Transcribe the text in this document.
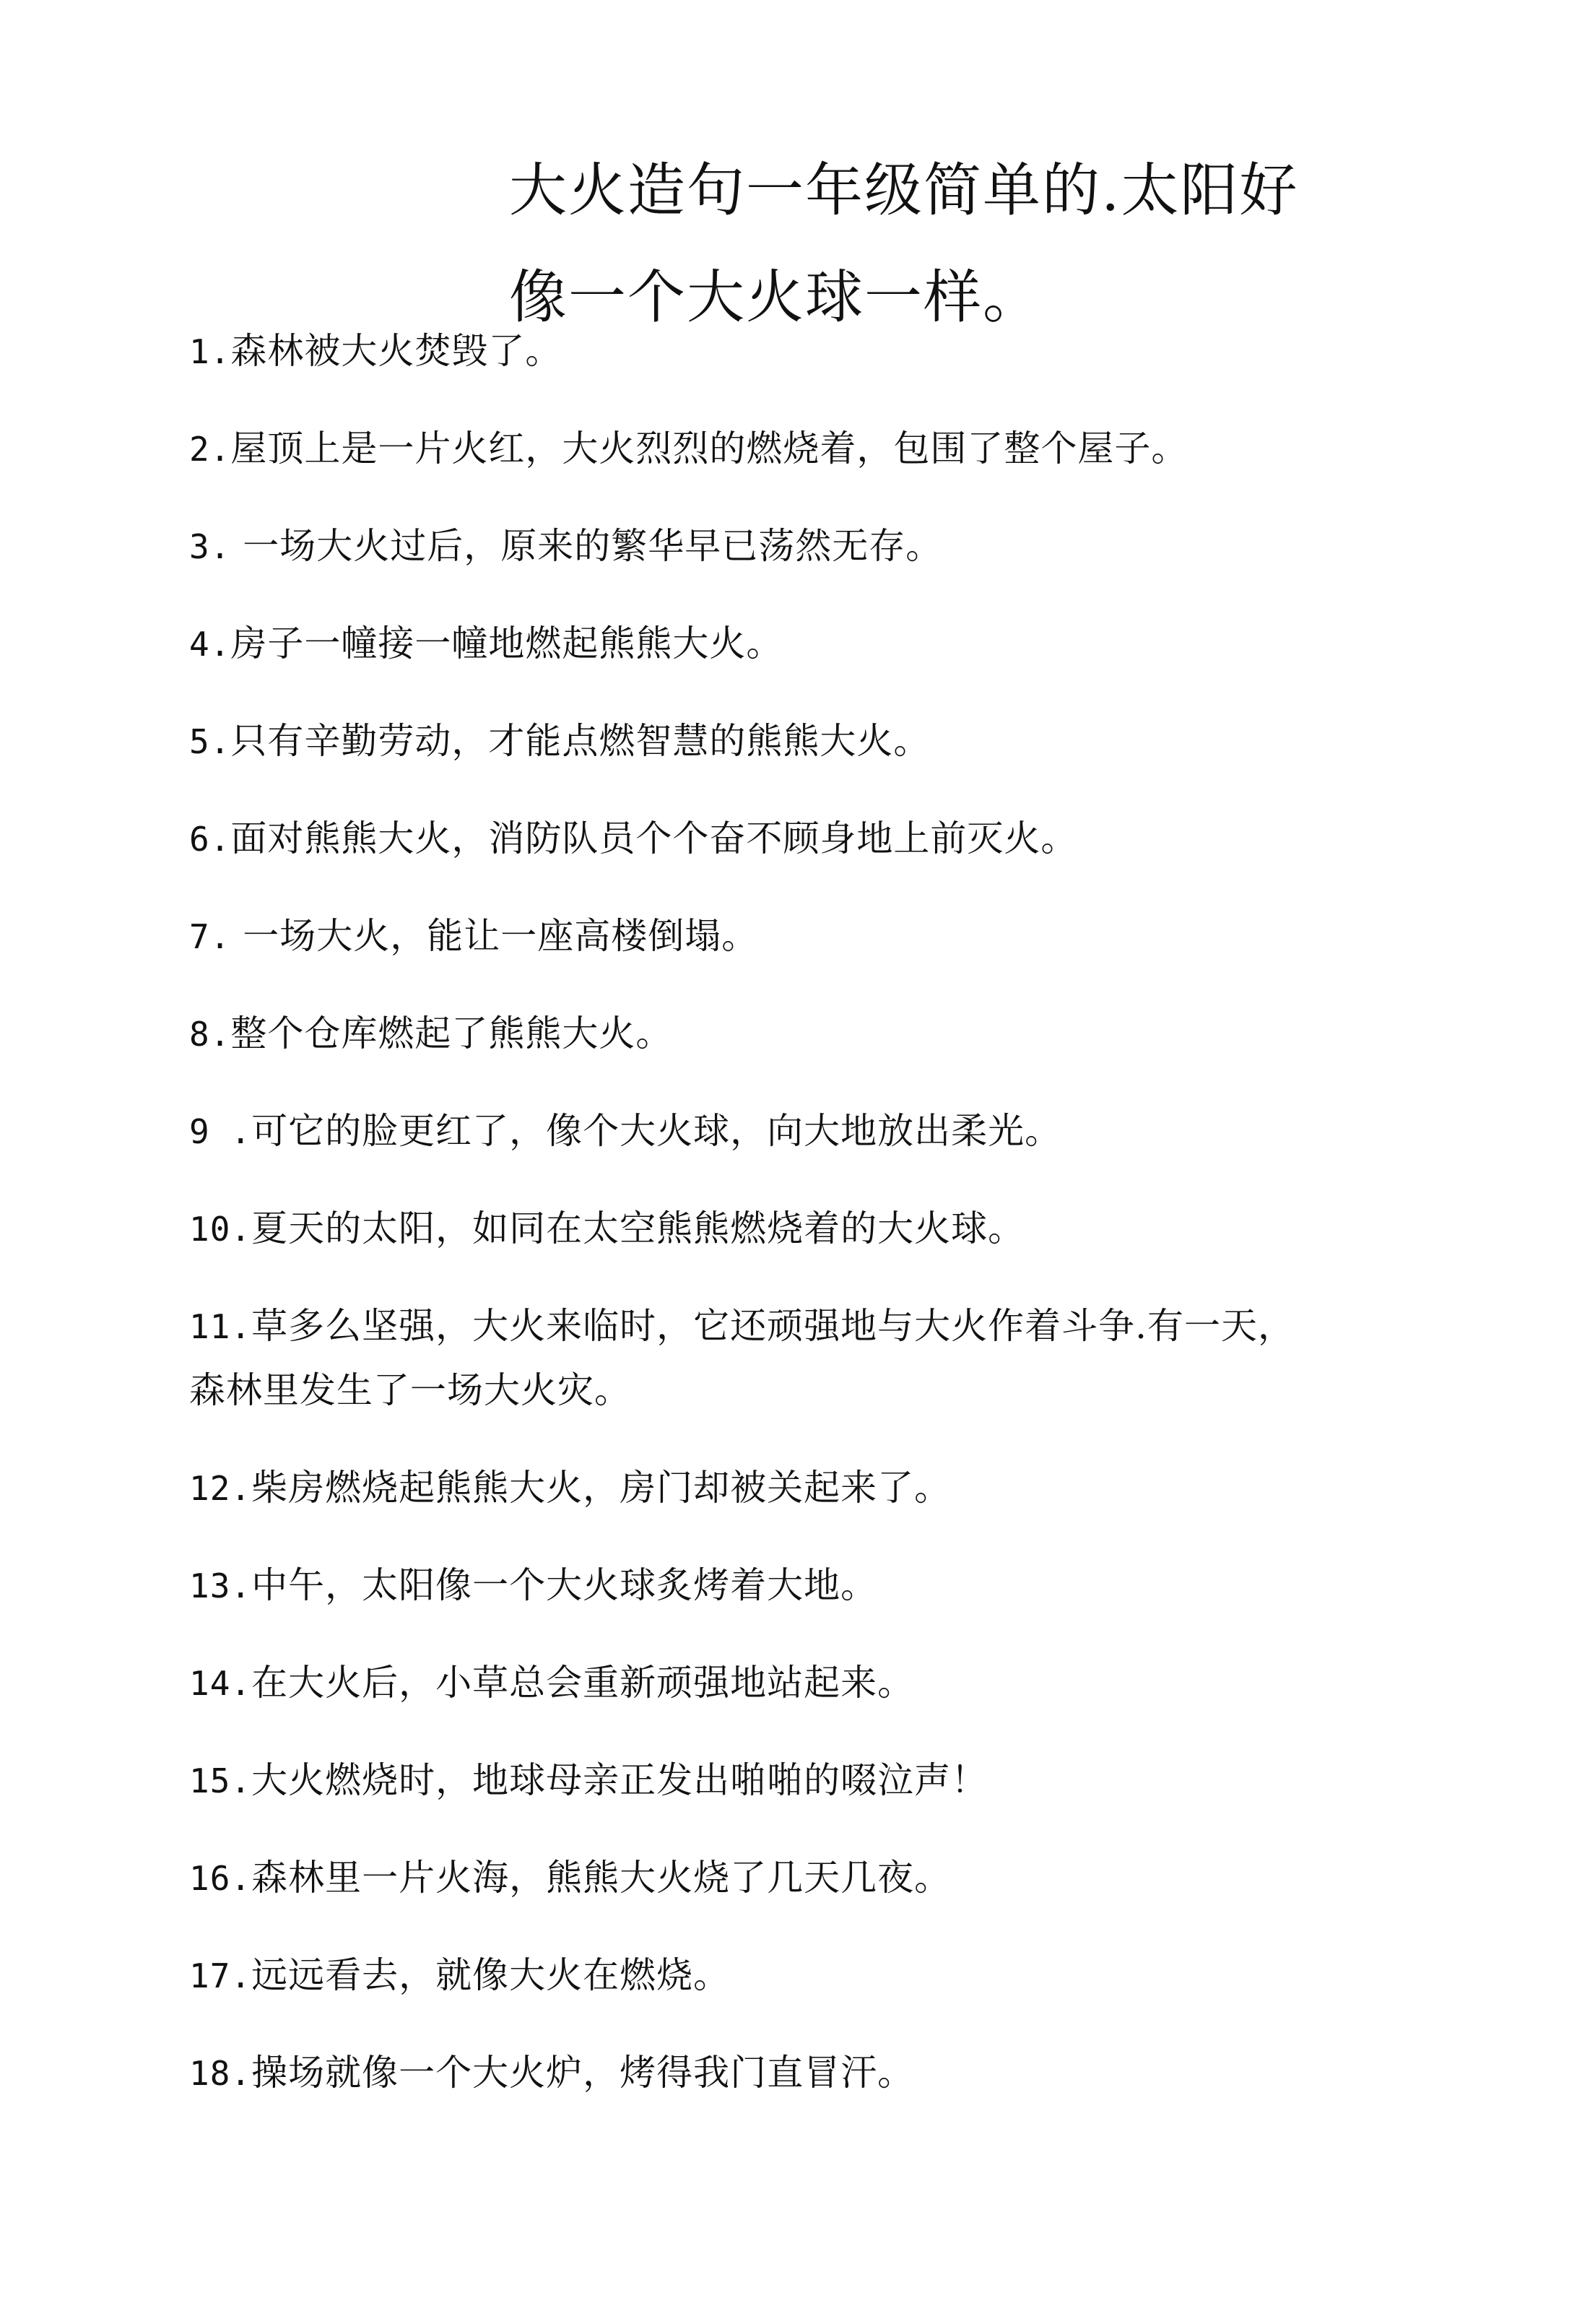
大火造句一年级简单的.太阳好
像一个大火球一样。
1.森林被大火焚毁了。
2.屋顶上是一片火红，大火烈烈的燃烧着，包围了整个屋子。
3. 一场大火过后，原来的繁华早已荡然无存。
4.房子一幢接一幢地燃起熊熊大火。
5.只有辛勤劳动，才能点燃智慧的熊熊大火。
6.面对熊熊大火，消防队员个个奋不顾身地上前灭火。
7. 一场大火，能让一座高楼倒塌。
8.整个仓库燃起了熊熊大火。
9 .可它的脸更红了，像个大火球，向大地放出柔光。
10.夏天的太阳，如同在太空熊熊燃烧着的大火球。
11.草多么坚强，大火来临时，它还顽强地与大火作着斗争.有一天，森林里发生了一场大火灾。
12.柴房燃烧起熊熊大火，房门却被关起来了。
13.中午，太阳像一个大火球炙烤着大地。
14.在大火后，小草总会重新顽强地站起来。
15.大火燃烧时，地球母亲正发出啪啪的啜泣声！
16.森林里一片火海，熊熊大火烧了几天几夜。
17.远远看去，就像大火在燃烧。
18.操场就像一个大火炉，烤得我门直冒汗。
